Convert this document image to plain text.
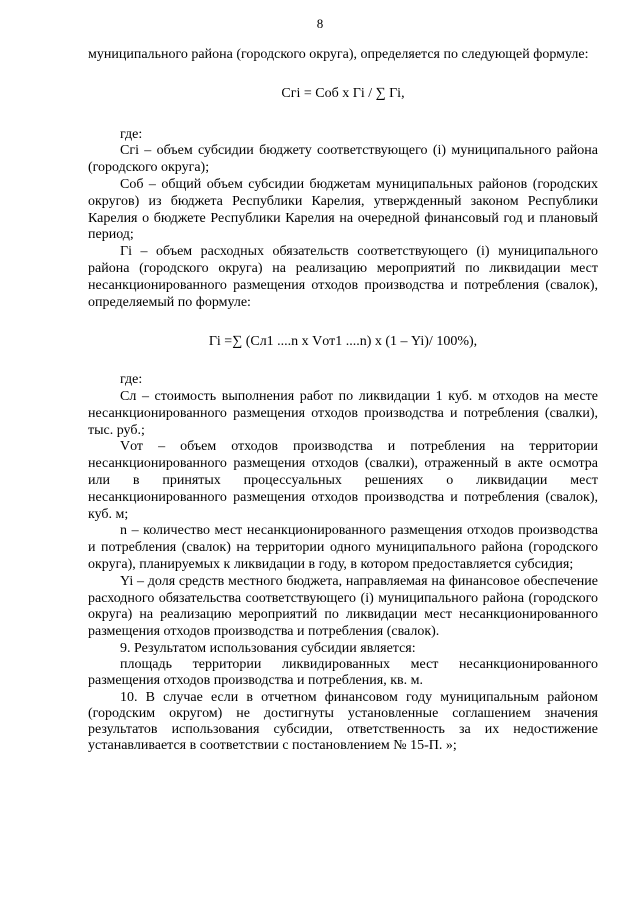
8

муниципального района (городского округа), определяется по следующей формуле:

Сгi = Соб х Гi / ∑ Гi,

где:

Сгi – объем субсидии бюджету соответствующего (i) муниципального района (городского округа);

Соб – общий объем субсидии бюджетам муниципальных районов (городских округов) из бюджета Республики Карелия, утвержденный законом Республики Карелия о бюджете Республики Карелия на очередной финансовый год и плановый период;

Гi – объем расходных обязательств соответствующего (i) муниципального района (городского округа) на реализацию мероприятий по ликвидации мест несанкционированного размещения отходов производства и потребления (свалок), определяемый по формуле:

Гi =∑ (Сл1 ....n х Vот1 ....n) х (1 – Yi)/ 100%),

где:

Сл – стоимость выполнения работ по ликвидации 1 куб. м отходов на месте несанкционированного размещения отходов производства и потребления (свалки), тыс. руб.;

Vот – объем отходов производства и потребления на территории несанкционированного размещения отходов (свалки), отраженный в акте осмотра или в принятых процессуальных решениях о ликвидации мест несанкционированного размещения отходов производства и потребления (свалок), куб. м;

n – количество мест несанкционированного размещения отходов производства и потребления (свалок) на территории одного муниципального района (городского округа), планируемых к ликвидации в году, в котором предоставляется субсидия;

Yi – доля средств местного бюджета, направляемая на финансовое обеспечение расходного обязательства соответствующего (i) муниципального района (городского округа) на реализацию мероприятий по ликвидации мест несанкционированного размещения отходов производства и потребления (свалок).

9. Результатом использования субсидии является:

площадь территории ликвидированных мест несанкционированного размещения отходов производства и потребления, кв. м.

10. В случае если в отчетном финансовом году муниципальным районом (городским округом) не достигнуты установленные соглашением значения результатов использования субсидии, ответственность за их недостижение устанавливается в соответствии с постановлением № 15-П. »;
